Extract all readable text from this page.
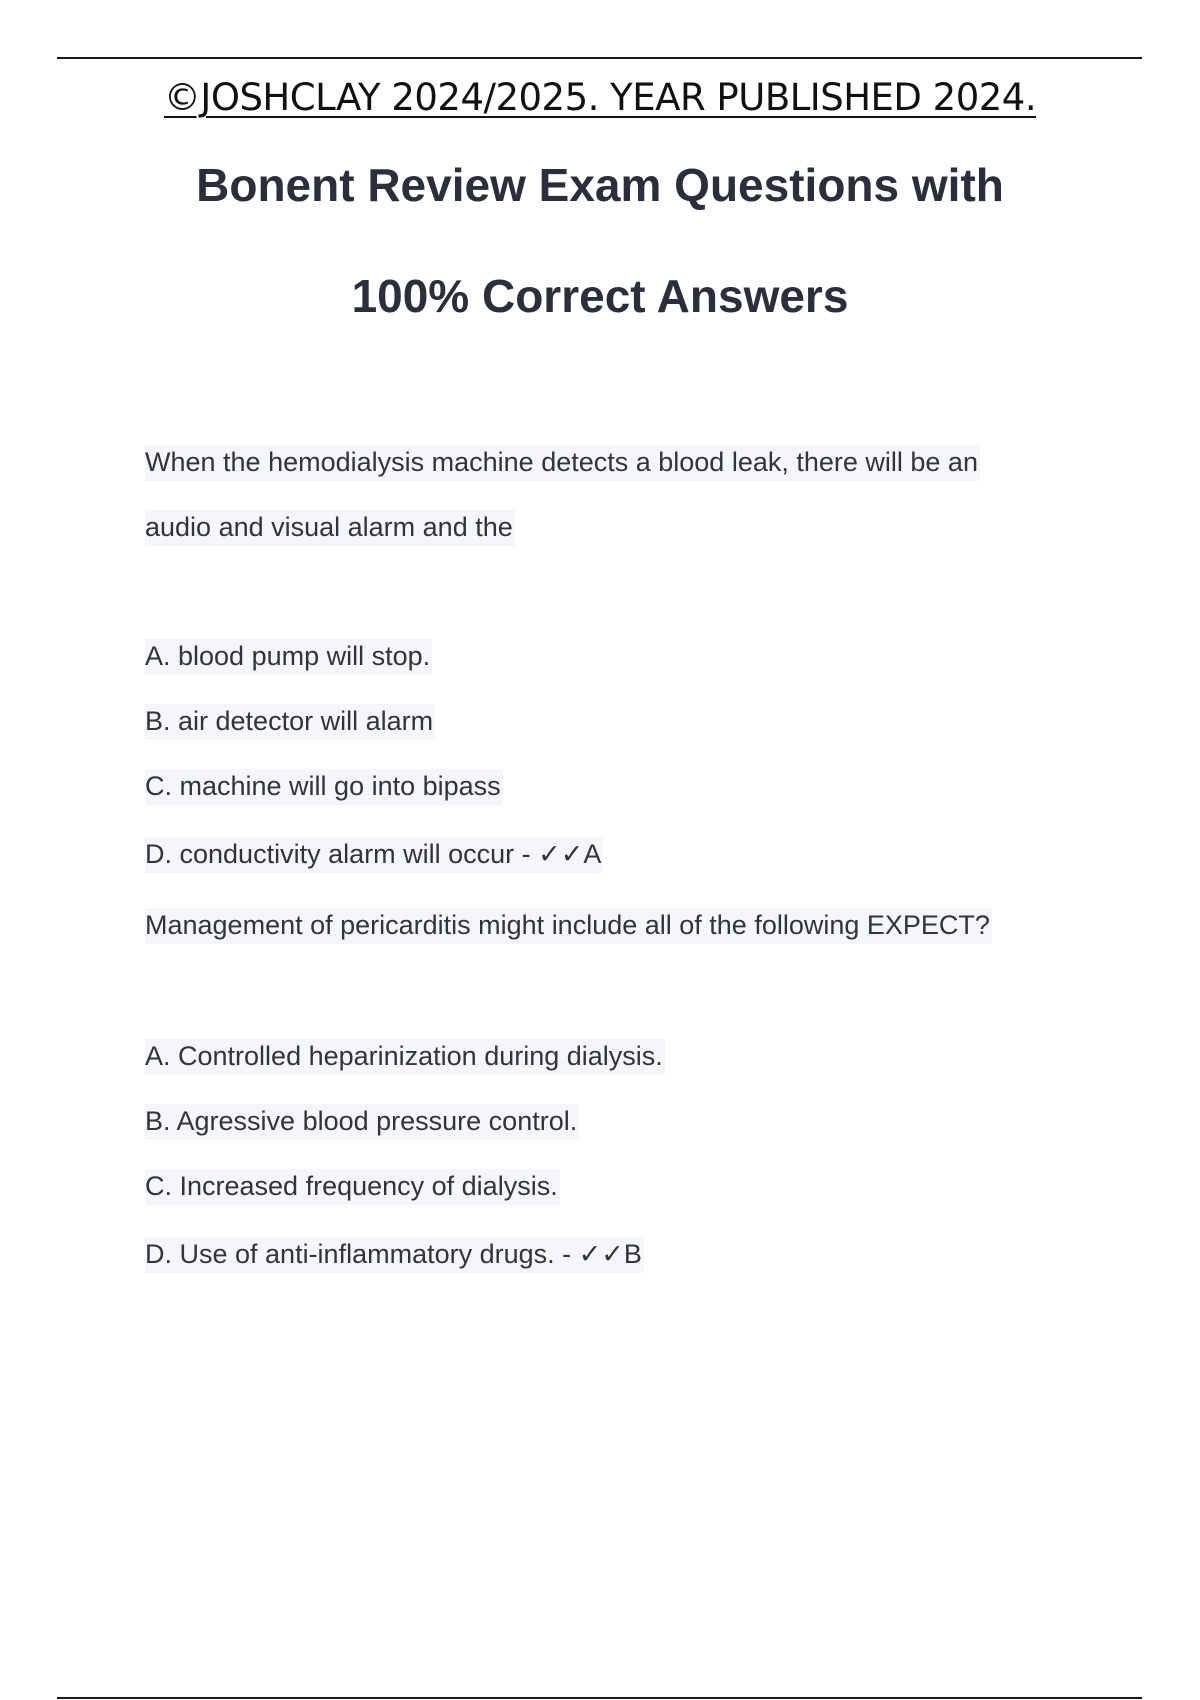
©JOSHCLAY 2024/2025. YEAR PUBLISHED 2024.
Bonent Review Exam Questions with
100% Correct Answers
When the hemodialysis machine detects a blood leak, there will be an
audio and visual alarm and the
A. blood pump will stop.
B. air detector will alarm
C. machine will go into bipass
D. conductivity alarm will occur - ✓✓A
Management of pericarditis might include all of the following EXPECT?
A. Controlled heparinization during dialysis.
B. Agressive blood pressure control.
C. Increased frequency of dialysis.
D. Use of anti-inflammatory drugs. - ✓✓B
